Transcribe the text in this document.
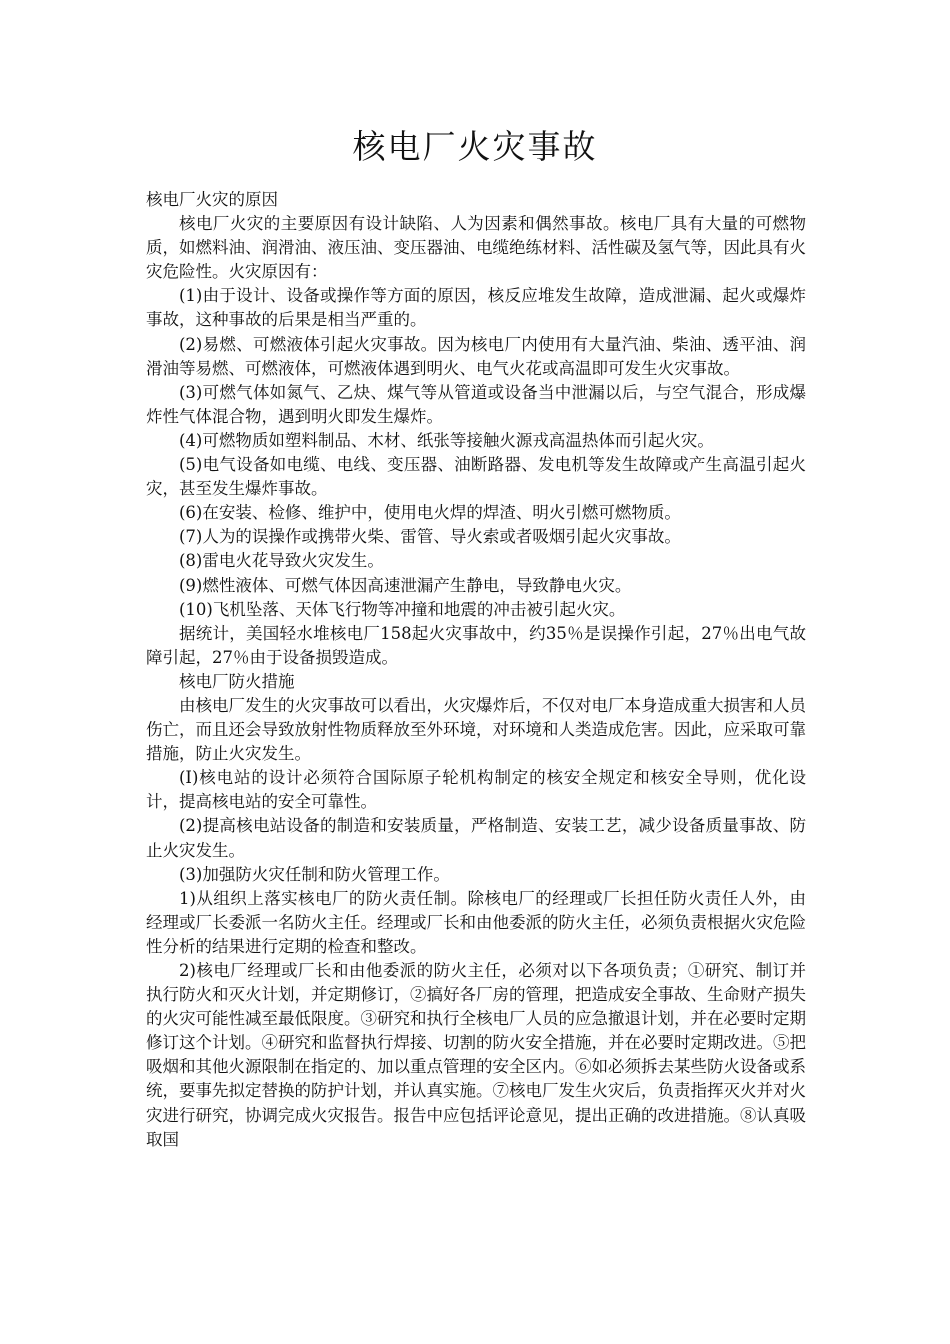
核电厂火灾事故

核电厂火灾的原因

核电厂火灾的主要原因有设计缺陷、人为因素和偶然事故。核电厂具有大量的可燃物质，如燃料油、润滑油、液压油、变压器油、电缆绝练材料、活性碳及氢气等，因此具有火灾危险性。火灾原因有：

(1)由于设计、设备或操作等方面的原因，核反应堆发生故障，造成泄漏、起火或爆炸事故，这种事故的后果是相当严重的。

(2)易燃、可燃液体引起火灾事故。因为核电厂内使用有大量汽油、柴油、透平油、润滑油等易燃、可燃液体，可燃液体遇到明火、电气火花或高温即可发生火灾事故。

(3)可燃气体如氮气、乙炔、煤气等从管道或设备当中泄漏以后，与空气混合，形成爆炸性气体混合物，遇到明火即发生爆炸。

(4)可燃物质如塑料制品、木材、纸张等接触火源戎高温热体而引起火灾。

(5)电气设备如电缆、电线、变压器、油断路器、发电机等发生故障或产生高温引起火灾，甚至发生爆炸事故。

(6)在安装、检修、维护中，使用电火焊的焊渣、明火引燃可燃物质。

(7)人为的误操作或携带火柴、雷管、导火索或者吸烟引起火灾事故。

(8)雷电火花导致火灾发生。

(9)燃性液体、可燃气体因高速泄漏产生静电，导致静电火灾。

(10)飞机坠落、天体飞行物等冲撞和地震的冲击被引起火灾。

据统计，美国轻水堆核电厂158起火灾事故中，约35％是误操作引起，27％出电气故障引起，27％由于设备损毁造成。

核电厂防火措施

由核电厂发生的火灾事故可以看出，火灾爆炸后，不仅对电厂本身造成重大损害和人员伤亡，而且还会导致放射性物质释放至外环境，对环境和人类造成危害。因此，应采取可靠措施，防止火灾发生。

(I)核电站的设计必须符合国际原子轮机构制定的核安全规定和核安全导则，优化设计，提高核电站的安全可靠性。

(2)提高核电站设备的制造和安装质量，严格制造、安装工艺，减少设备质量事故、防止火灾发生。

(3)加强防火灾任制和防火管理工作。

1)从组织上落实核电厂的防火责任制。除核电厂的经理或厂长担任防火责任人外，由经理或厂长委派一名防火主任。经理或厂长和由他委派的防火主任，必须负责根据火灾危险性分析的结果进行定期的检查和整改。

2)核电厂经理或厂长和由他委派的防火主任，必须对以下各项负责；①研究、制订并执行防火和灭火计划，并定期修订，②搞好各厂房的管理，把造成安全事故、生命财产损失的火灾可能性减至最低限度。③研究和执行全核电厂人员的应急撤退计划，并在必要时定期修订这个计划。④研究和监督执行焊接、切割的防火安全措施，并在必要时定期改进。⑤把吸烟和其他火源限制在指定的、加以重点管理的安全区内。⑥如必须拆去某些防火设备或系统，要事先拟定替换的防护计划，并认真实施。⑦核电厂发生火灾后，负责指挥灭火并对火灾进行研究，协调完成火灾报告。报告中应包括评论意见，提出正确的改进措施。⑧认真吸取国
